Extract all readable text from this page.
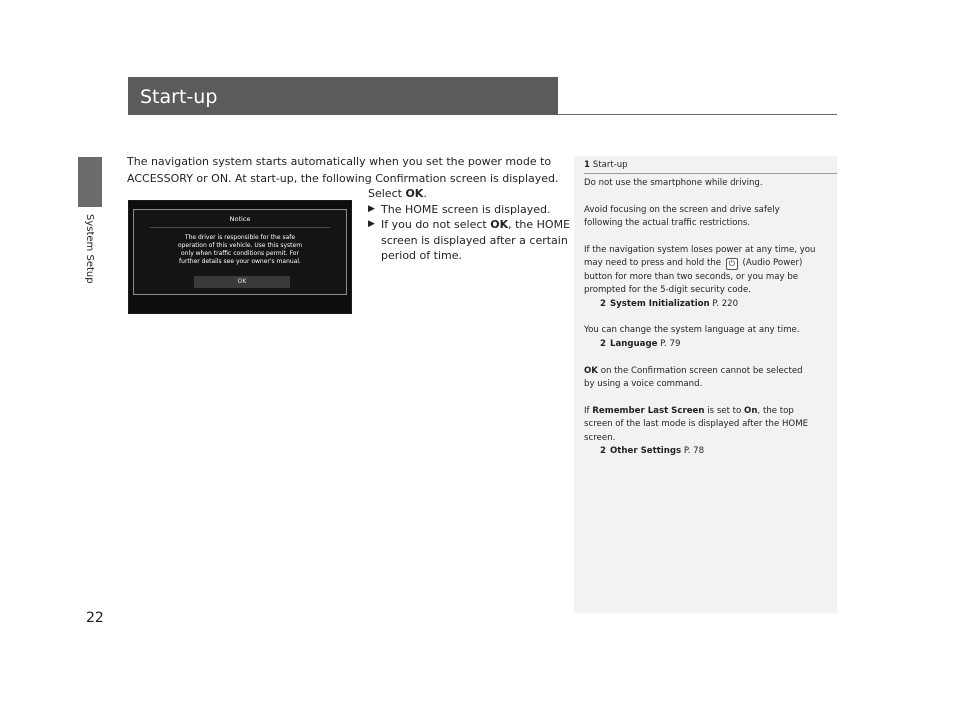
System Setup
22
Start-up

The navigation system starts automatically when you set the power mode to

ACCESSORY or ON. At start-up, the following Confirmation screen is displayed.

Notice
The driver is responsible for the safe
operation of this vehicle. Use this system
only when traffic conditions permit. For
further details see your owner's manual.
OK
Select OK.
▶ The HOME screen is displayed.
▶ If you do not select OK, the HOME
screen is displayed after a certain
period of time.
1 Start-up
Do not use the smartphone while driving.
Avoid focusing on the screen and drive safely
following the actual traffic restrictions.
If the navigation system loses power at any time, you
may need to press and hold the ⏻ (Audio Power)
button for more than two seconds, or you may be
prompted for the 5-digit security code.
2 System Initialization P. 220
You can change the system language at any time.
2 Language P. 79
OK on the Confirmation screen cannot be selected
by using a voice command.
If Remember Last Screen is set to On, the top
screen of the last mode is displayed after the HOME
screen.
2 Other Settings P. 78
